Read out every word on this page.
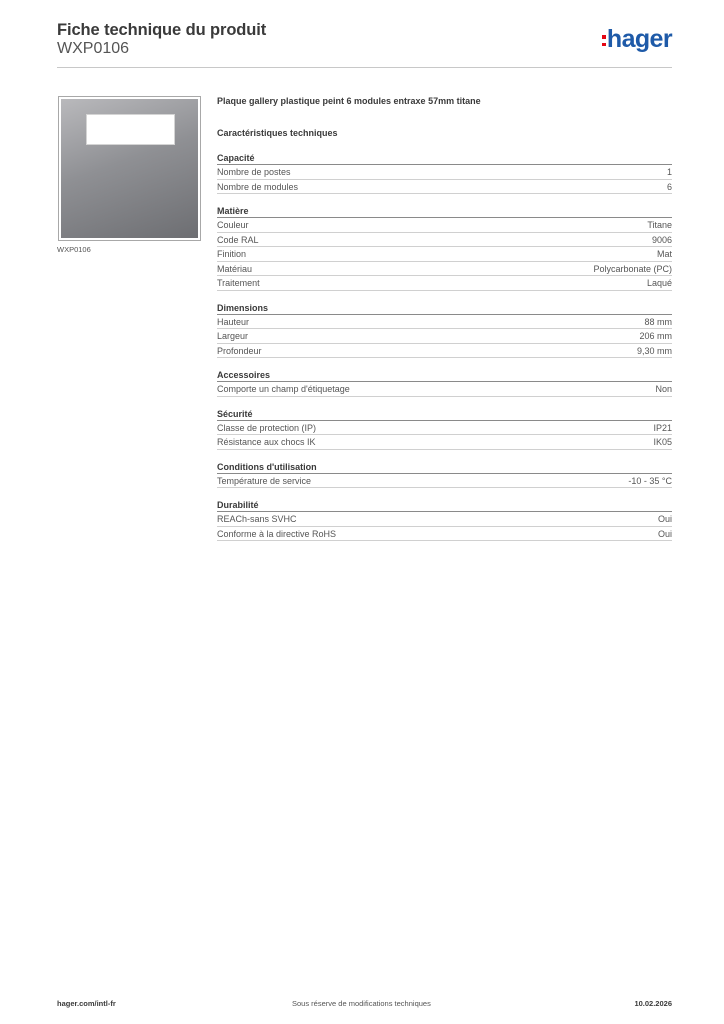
Fiche technique du produit
WXP0106	hager
WXP0106
Plaque gallery plastique peint 6 modules entraxe 57mm titane
Caractéristiques techniques
Capacité
Nombre de postes	1
Nombre de modules	6
Matière
Couleur	Titane
Code RAL	9006
Finition	Mat
Matériau	Polycarbonate (PC)
Traitement	Laqué
Dimensions
Hauteur	88 mm
Largeur	206 mm
Profondeur	9,30 mm
Accessoires
Comporte un champ d'étiquetage	Non
Sécurité
Classe de protection (IP)	IP21
Résistance aux chocs IK	IK05
Conditions d'utilisation
Température de service	-10 - 35 °C
Durabilité
REACh-sans SVHC	Oui
Conforme à la directive RoHS	Oui
hager.com/intl-fr	Sous réserve de modifications techniques	10.02.2026
